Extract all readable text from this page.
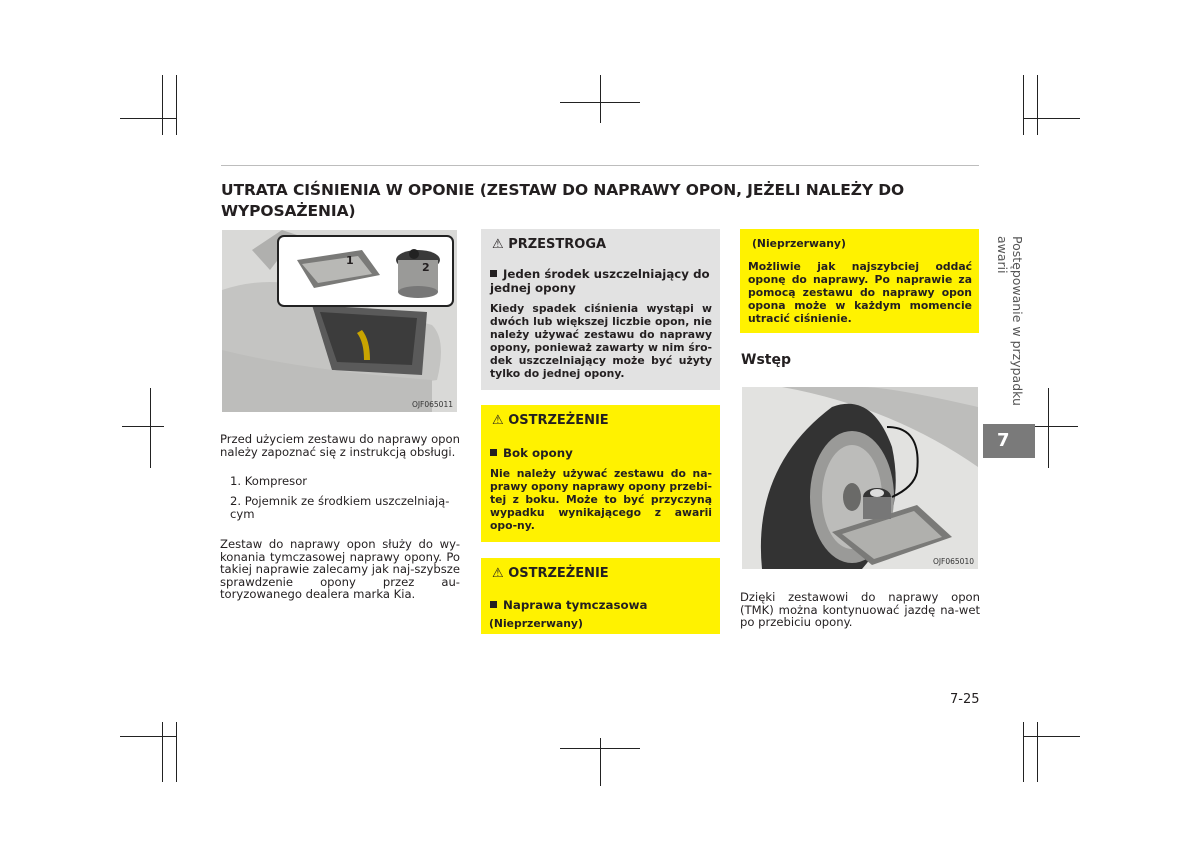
UTRATA CIŚNIENIA W OPONIE (ZESTAW DO NAPRAWY OPON, JEŻELI NALEŻY DO WYPOSAŻENIA)
1
2
OJF065011
Przed użyciem zestawu do naprawy opon należy zapoznać się z instrukcją obsługi.
1. Kompresor
2. Pojemnik ze środkiem uszczelniają-cym
Zestaw do naprawy opon służy do wy-konania tymczasowej naprawy opony. Po takiej naprawie zalecamy jak naj-szybsze sprawdzenie opony przez au-toryzowanego dealera marka Kia.
⚠ PRZESTROGA
Jeden środek uszczelniający do jednej opony
Kiedy spadek ciśnienia wystąpi w dwóch lub większej liczbie opon, nie należy używać zestawu do naprawy opony, ponieważ zawarty w nim śro-dek uszczelniający może być użyty tylko do jednej opony.
⚠ OSTRZEŻENIE
Bok opony
Nie należy używać zestawu do na-prawy opony naprawy opony przebi-tej z boku. Może to być przyczyną wypadku wynikającego z awarii opo-ny.
⚠ OSTRZEŻENIE
Naprawa tymczasowa
(Nieprzerwany)
(Nieprzerwany)
Możliwie jak najszybciej oddać oponę do naprawy. Po naprawie za pomocą zestawu do naprawy opon opona może w każdym momencie utracić ciśnienie.
Wstęp
OJF065010
Dzięki zestawowi do naprawy opon (TMK) można kontynuować jazdę na-wet po przebiciu opony.
Postępowanie w przypadku awarii
7
7-25
